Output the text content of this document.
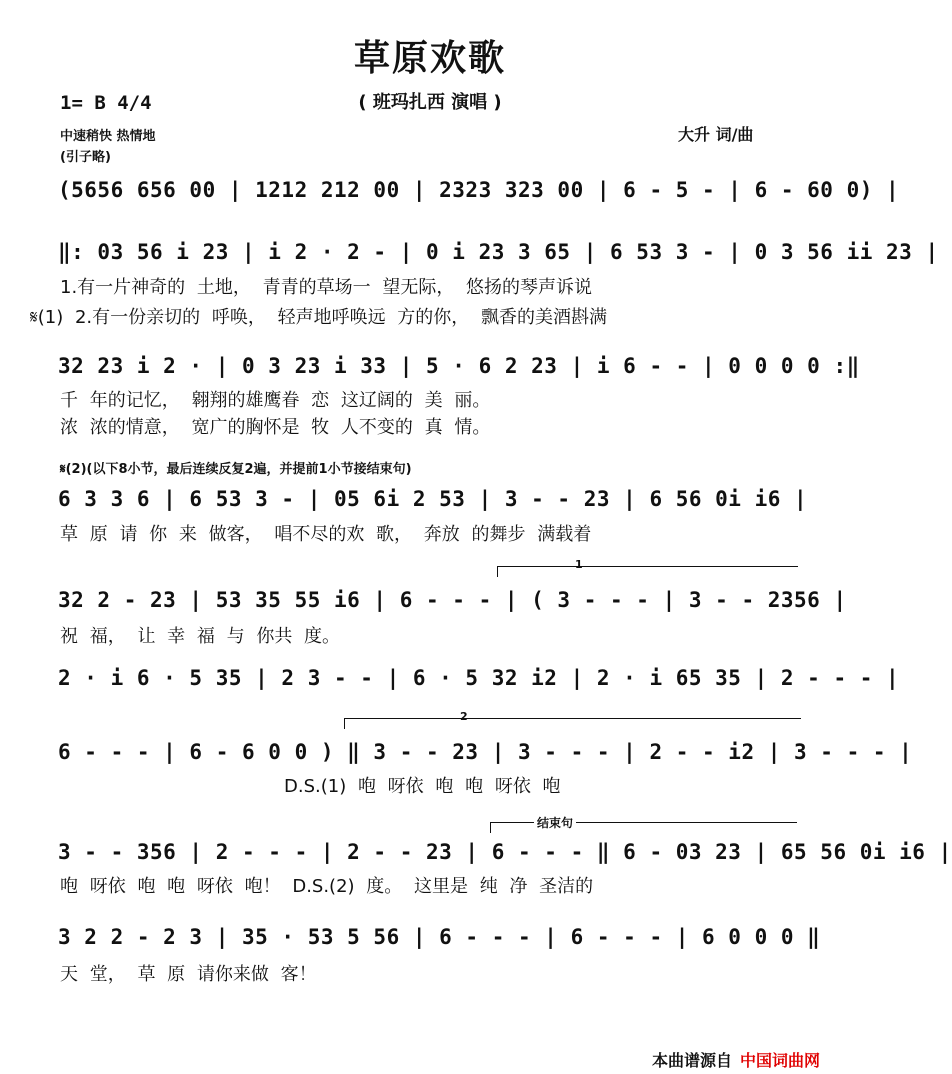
草原欢歌
( 班玛扎西 演唱 )
1= B 4/4
中速稍快 热情地
(引子略)
大升 词/曲
(5656 656 00 | 1212 212 00 | 2323 323 00 | 6 - 5 - | 6 - 60 0) |
‖: 03 56 i 23 | i 2 · 2 - | 0 i 23 3 65 | 6 53 3 - | 0 3 56 ii 23 |
1.有一片神奇的 土地， 青青的草场一 望无际， 悠扬的琴声诉说
𝄋(1) 2.有一份亲切的 呼唤， 轻声地呼唤远 方的你， 飘香的美酒斟满
32 23 i 2 · | 0 3 23 i 33 | 5 · 6 2 23 | i 6 - - | 0 0 0 0 :‖
千 年的记忆， 翱翔的雄鹰眷 恋 这辽阔的 美 丽。
浓 浓的情意， 宽广的胸怀是 牧 人不变的 真 情。
𝄋(2)(以下8小节，最后连续反复2遍，并提前1小节接结束句)
6 3 3 6 | 6 53 3 - | 05 6i 2 53 | 3 - - 23 | 6 56 0i i6 |
草 原 请 你 来 做客， 唱不尽的欢 歌， 奔放 的舞步 满载着
1
32 2 - 23 | 53 35 55 i6 | 6 - - - | ( 3 - - - | 3 - - 2356 |
祝 福， 让 幸 福 与 你共 度。
2 · i 6 · 5 35 | 2 3 - - | 6 · 5 32 i2 | 2 · i 65 35 | 2 - - - |
2
6 - - - | 6 - 6 0 0 ) ‖ 3 - - 23 | 3 - - - | 2 - - i2 | 3 - - - |
D.S.(1) 咆 呀依 咆 咆 呀依 咆
结束句
3 - - 356 | 2 - - - | 2 - - 23 | 6 - - - ‖ 6 - 03 23 | 65 56 0i i6 |
咆 呀依 咆 咆 呀依 咆！ D.S.(2) 度。 这里是 纯 净 圣洁的
3 2 2 - 2 3 | 35 · 53 5 56 | 6 - - - | 6 - - - | 6 0 0 0 ‖
天 堂， 草 原 请你来做 客！
本曲谱源自 中国词曲网
